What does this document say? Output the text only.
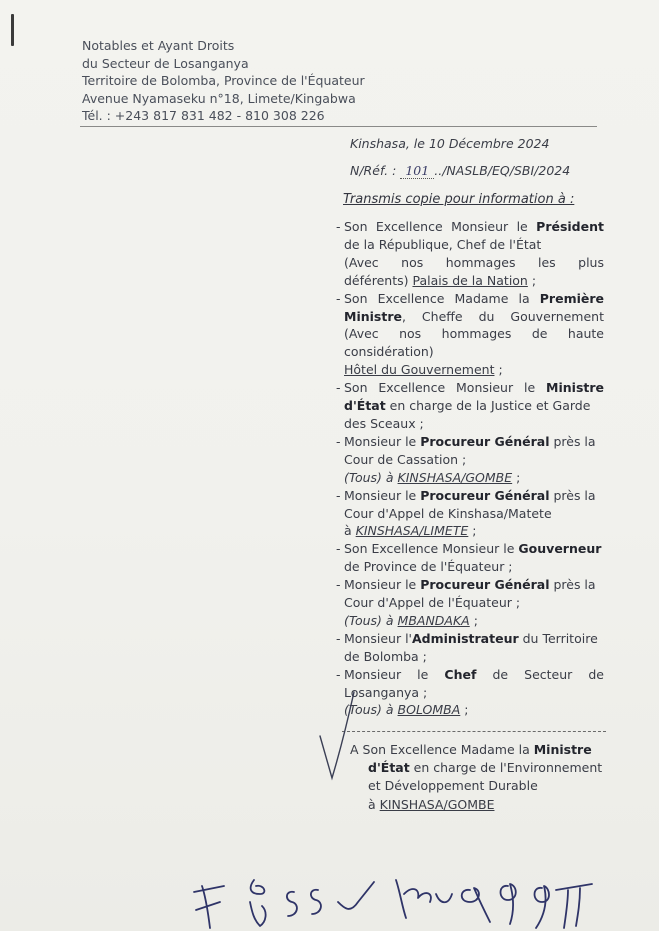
Notables et Ayant Droits
du Secteur de Losanganya
Territoire de Bolomba, Province de l'Équateur
Avenue Nyamaseku n°18, Limete/Kingabwa
Tél. : +243 817 831 482 - 810 308 226
Kinshasa, le 10 Décembre 2024
N/Réf. : 101 ../NASLB/EQ/SBI/2024
Transmis copie pour information à :
- Son Excellence Monsieur le Président
de la République, Chef de l'État
(Avec nos hommages les plus
déférents) Palais de la Nation ;
- Son Excellence Madame la Première
Ministre, Cheffe du Gouvernement
(Avec nos hommages de haute
considération)
Hôtel du Gouvernement ;
- Son Excellence Monsieur le Ministre
d'État en charge de la Justice et Garde
des Sceaux ;
- Monsieur le Procureur Général près la
Cour de Cassation ;
(Tous) à KINSHASA/GOMBE ;
- Monsieur le Procureur Général près la
Cour d'Appel de Kinshasa/Matete
à KINSHASA/LIMETE ;
- Son Excellence Monsieur le Gouverneur
de Province de l'Équateur ;
- Monsieur le Procureur Général près la
Cour d'Appel de l'Équateur ;
(Tous) à MBANDAKA ;
- Monsieur l'Administrateur du Territoire
de Bolomba ;
- Monsieur le Chef de Secteur de
Losanganya ;
(Tous) à BOLOMBA ;
A Son Excellence Madame la Ministre
d'État en charge de l'Environnement
et Développement Durable
à KINSHASA/GOMBE
